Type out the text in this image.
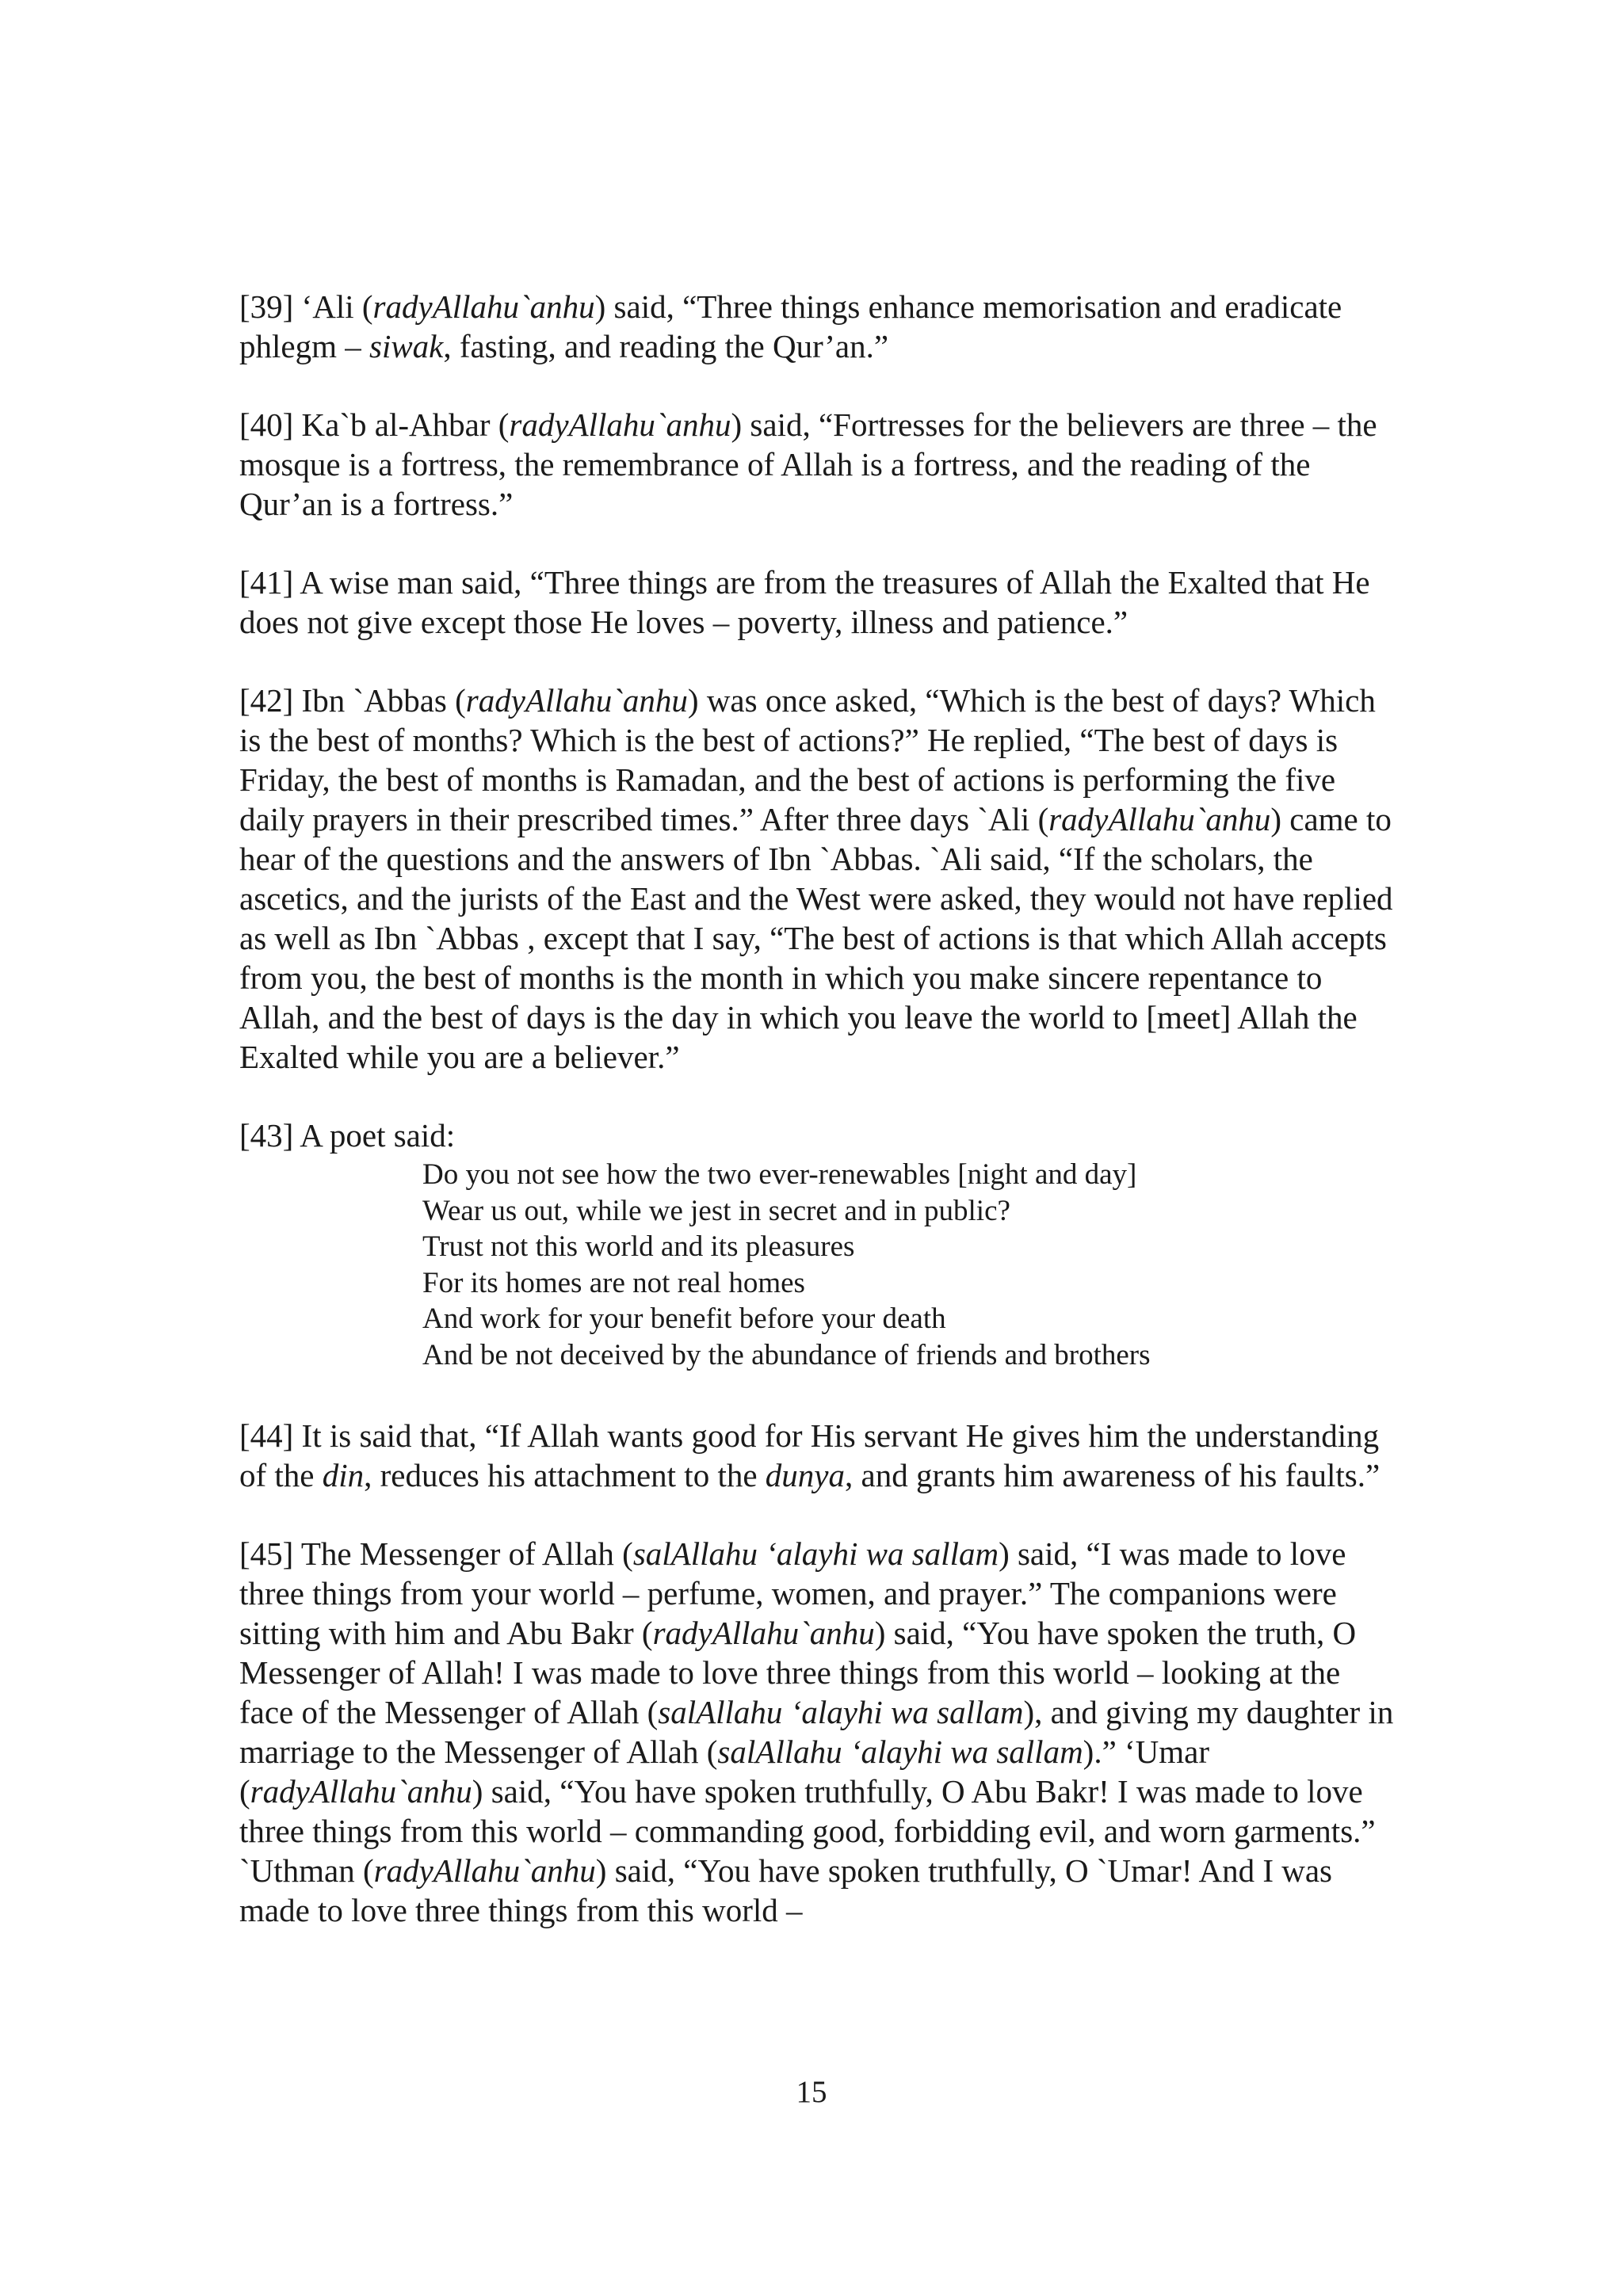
[39] ‘Ali (radyAllahu`anhu) said, “Three things enhance memorisation and eradicate phlegm – siwak, fasting, and reading the Qur’an.”

[40] Ka`b al-Ahbar (radyAllahu`anhu) said, “Fortresses for the believers are three – the mosque is a fortress, the remembrance of Allah is a fortress, and the reading of the Qur’an is a fortress.”

[41] A wise man said, “Three things are from the treasures of Allah the Exalted that He does not give except those He loves – poverty, illness and patience.”

[42] Ibn `Abbas (radyAllahu`anhu) was once asked, “Which is the best of days? Which is the best of months? Which is the best of actions?” He replied, “The best of days is Friday, the best of months is Ramadan, and the best of actions is performing the five daily prayers in their prescribed times.” After three days `Ali (radyAllahu`anhu) came to hear of the questions and the answers of Ibn `Abbas. `Ali said, “If the scholars, the ascetics, and the jurists of the East and the West were asked, they would not have replied as well as Ibn `Abbas , except that I say, “The best of actions is that which Allah accepts from you, the best of months is the month in which you make sincere repentance to Allah, and the best of days is the day in which you leave the world to [meet] Allah the Exalted while you are a believer.”

[43] A poet said:

Do you not see how the two ever-renewables [night and day]
Wear us out, while we jest in secret and in public?
Trust not this world and its pleasures
For its homes are not real homes
And work for your benefit before your death
And be not deceived by the abundance of friends and brothers

[44] It is said that, “If Allah wants good for His servant He gives him the understanding of the din, reduces his attachment to the dunya, and grants him awareness of his faults.”

[45] The Messenger of Allah (salAllahu ‘alayhi wa sallam) said, “I was made to love three things from your world – perfume, women, and prayer.” The companions were sitting with him and Abu Bakr (radyAllahu`anhu) said, “You have spoken the truth, O Messenger of Allah! I was made to love three things from this world – looking at the face of the Messenger of Allah (salAllahu ‘alayhi wa sallam), and giving my daughter in marriage to the Messenger of Allah (salAllahu ‘alayhi wa sallam).” ‘Umar (radyAllahu`anhu) said, “You have spoken truthfully, O Abu Bakr! I was made to love three things from this world – commanding good, forbidding evil, and worn garments.” `Uthman (radyAllahu`anhu) said, “You have spoken truthfully, O `Umar! And I was made to love three things from this world –

15
